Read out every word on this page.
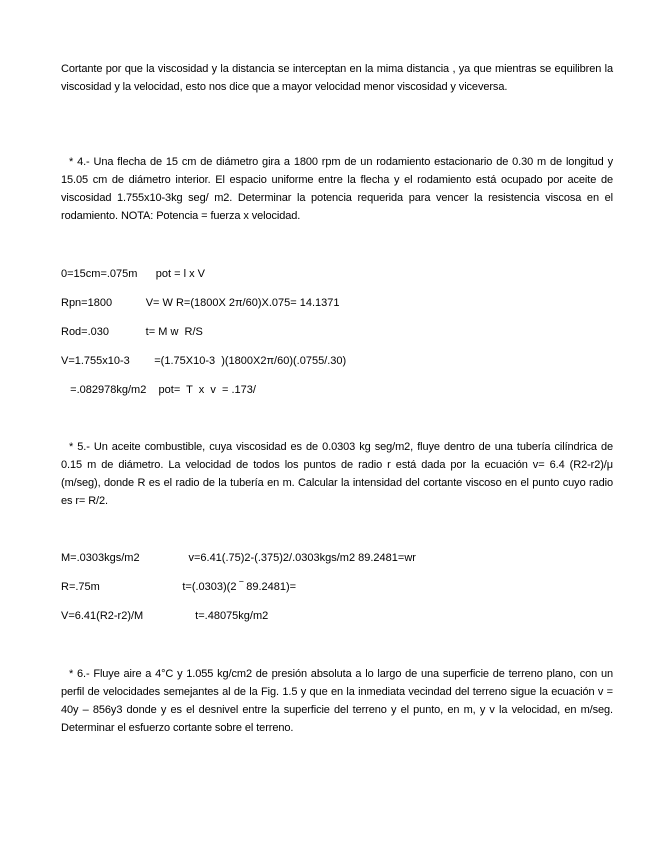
Cortante por que la viscosidad y la distancia se interceptan en la mima distancia , ya que mientras se equilibren la viscosidad y la velocidad, esto nos dice que a mayor velocidad menor viscosidad y viceversa.

* 4.- Una flecha de 15 cm de diámetro gira a 1800 rpm de un rodamiento estacionario de 0.30 m de longitud y 15.05 cm de diámetro interior. El espacio uniforme entre la flecha y el rodamiento está ocupado por aceite de viscosidad 1.755x10-3kg seg/ m2. Determinar la potencia requerida para vencer la resistencia viscosa en el rodamiento. NOTA: Potencia = fuerza x velocidad.

0=15cm=.075m      pot = l x V
Rpn=1800           V= W R=(1800X 2π/60)X.075= 14.1371
Rod=.030            t= M w  R/S
V=1.755x10-3        =(1.75X10-3  )(1800X2π/60)(.0755/.30)
=.082978kg/m2    pot=  T  x  v  = .173/

* 5.- Un aceite combustible, cuya viscosidad es de 0.0303 kg seg/m2, fluye dentro de una tubería cilíndrica de 0.15 m de diámetro. La velocidad de todos los puntos de radio r está dada por la ecuación v= 6.4 (R2-r2)/μ (m/seg), donde R es el radio de la tubería en m. Calcular la intensidad del cortante viscoso en el punto cuyo radio es r= R/2.

M=.0303kgs/m2                v=6.41(.75)2-(.375)2/.0303kgs/m2 89.2481=wr
R=.75m                           t=(.0303)(2 ‾ 89.2481)=
V=6.41(R2-r2)/M                 t=.48075kg/m2

* 6.- Fluye aire a 4°C y 1.055 kg/cm2 de presión absoluta a lo largo de una superficie de terreno plano, con un perfil de velocidades semejantes al de la Fig. 1.5 y que en la inmediata vecindad del terreno sigue la ecuación v = 40y – 856y3 donde y es el desnivel entre la superficie del terreno y el punto, en m, y v la velocidad, en m/seg. Determinar el esfuerzo cortante sobre el terreno.
